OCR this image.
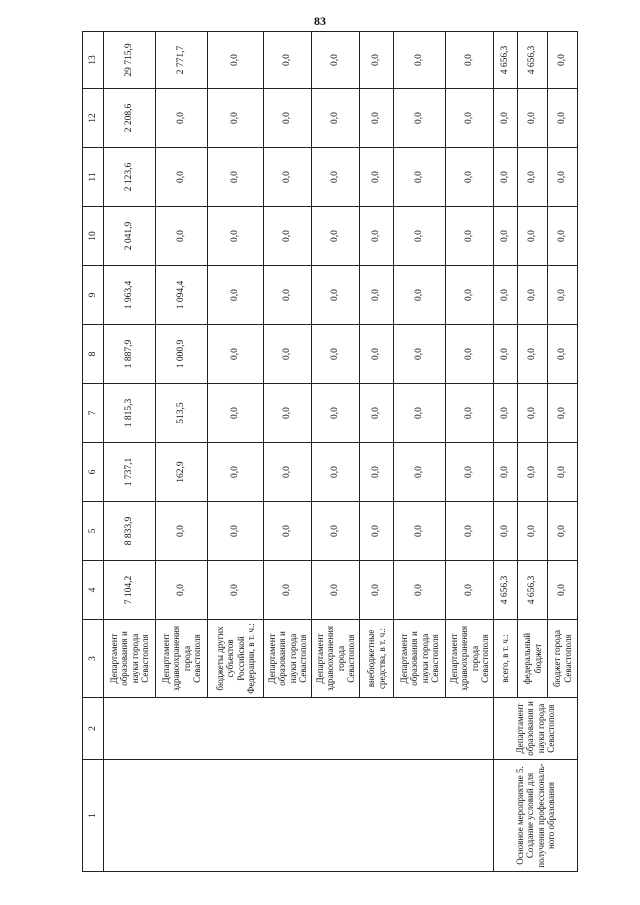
83
1	2	3	4	5	6	7	8	9	10	11	12	13
		Департамент образования и науки города Севастополя	7 104,2	8 833,9	1 737,1	1 815,3	1 887,9	1 963,4	2 041,9	2 123,6	2 208,6	29 715,9
		Департамент здравоохранения города Севастополя	0,0	0,0	162,9	513,5	1 000,9	1 094,4	0,0	0,0	0,0	2 771,7
		бюджеты других субъектов Российской Федерации, в т. ч.:	0,0	0,0	0,0	0,0	0,0	0,0	0,0	0,0	0,0	0,0
		Департамент образования и науки города Севастополя	0,0	0,0	0,0	0,0	0,0	0,0	0,0	0,0	0,0	0,0
		Департамент здравоохранения города Севастополя	0,0	0,0	0,0	0,0	0,0	0,0	0,0	0,0	0,0	0,0
		внебюджетные средства, в т. ч.:	0,0	0,0	0,0	0,0	0,0	0,0	0,0	0,0	0,0	0,0
		Департамент образования и науки города Севастополя	0,0	0,0	0,0	0,0	0,0	0,0	0,0	0,0	0,0	0,0
		Департамент здравоохранения города Севастополя	0,0	0,0	0,0	0,0	0,0	0,0	0,0	0,0	0,0	0,0
Основное мероприятие 5. Создание условий для получения профессиональ-ного образования	Департамент образования и науки города Севастополя	всего, в т. ч.:	4 656,3	0,0	0,0	0,0	0,0	0,0	0,0	0,0	0,0	4 656,3
		федеральный бюджет	4 656,3	0,0	0,0	0,0	0,0	0,0	0,0	0,0	0,0	4 656,3
		бюджет города Севастополя	0,0	0,0	0,0	0,0	0,0	0,0	0,0	0,0	0,0	0,0
